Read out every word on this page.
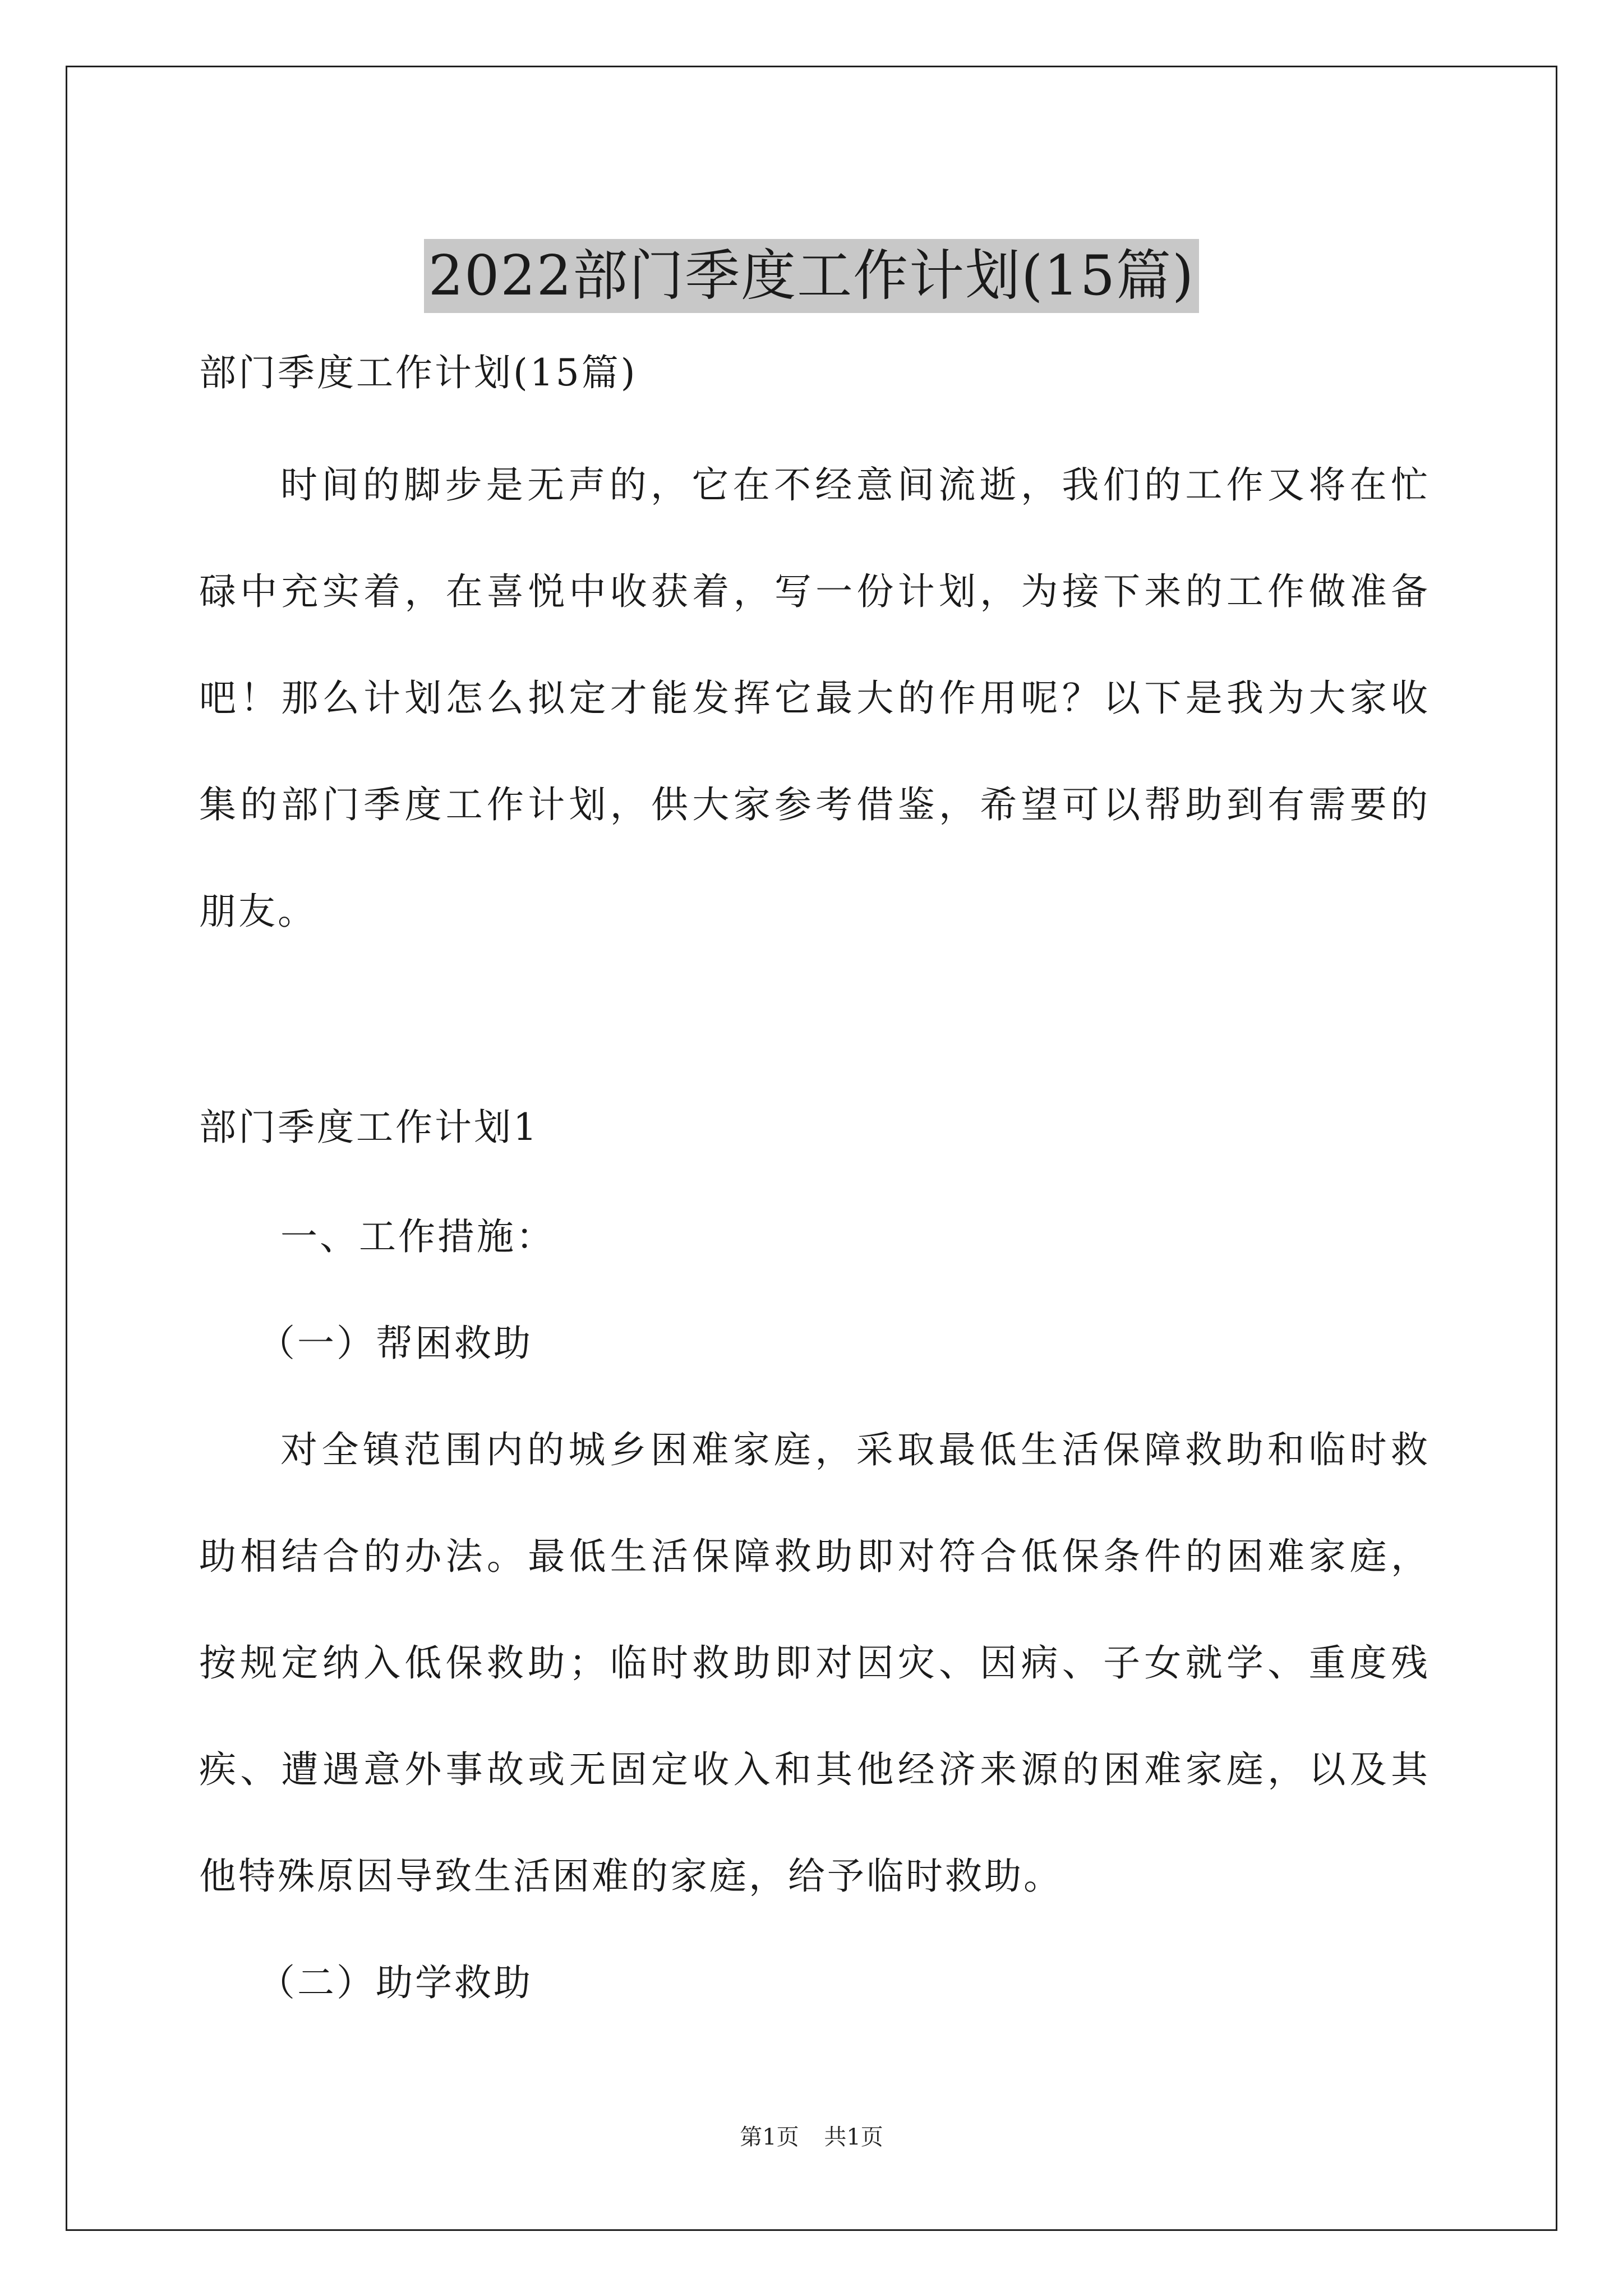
2022部门季度工作计划(15篇)
部门季度工作计划(15篇)
时间的脚步是无声的，它在不经意间流逝，我们的工作又将在忙
碌中充实着，在喜悦中收获着，写一份计划，为接下来的工作做准备
吧！那么计划怎么拟定才能发挥它最大的作用呢？以下是我为大家收
集的部门季度工作计划，供大家参考借鉴，希望可以帮助到有需要的
朋友。
部门季度工作计划1
一、工作措施：
（一）帮困救助
对全镇范围内的城乡困难家庭，采取最低生活保障救助和临时救
助相结合的办法。最低生活保障救助即对符合低保条件的困难家庭，
按规定纳入低保救助；临时救助即对因灾、因病、子女就学、重度残
疾、遭遇意外事故或无固定收入和其他经济来源的困难家庭，以及其
他特殊原因导致生活困难的家庭，给予临时救助。
（二）助学救助
第1页 共1页
